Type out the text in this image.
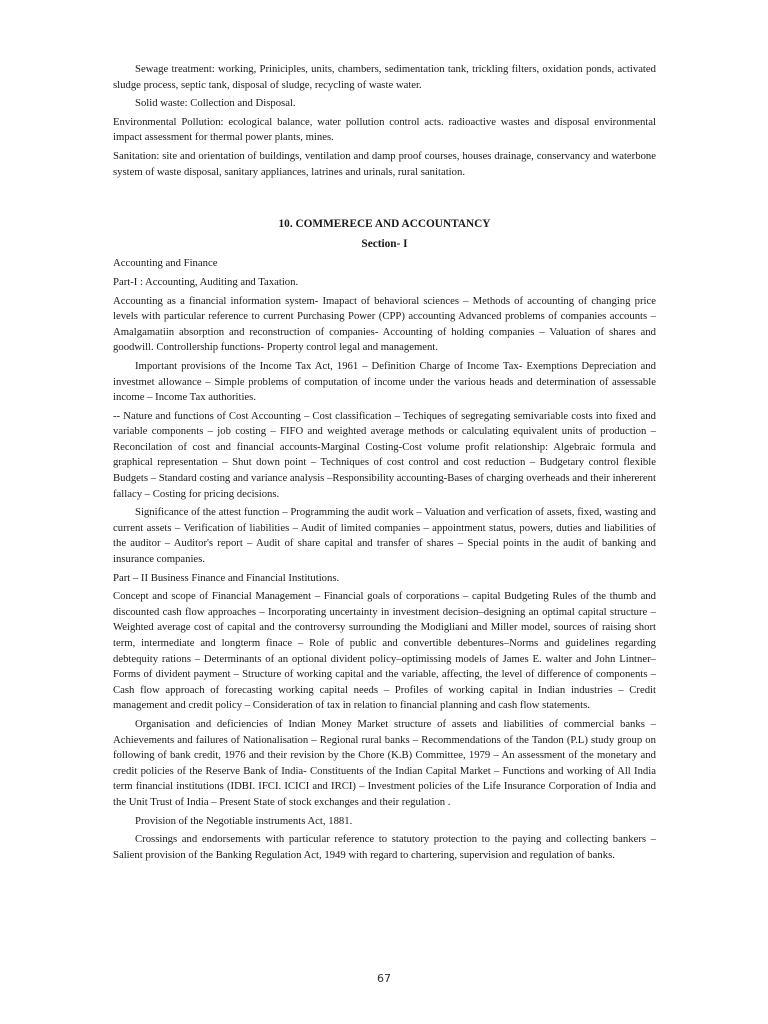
Sewage treatment: working, Priniciples, units, chambers, sedimentation tank, trickling filters, oxidation ponds, activated sludge process, septic tank, disposal of sludge, recycling of waste water.

Solid waste: Collection and Disposal.

Environmental Pollution: ecological balance, water pollution control acts. radioactive wastes and disposal environmental impact assessment for thermal power plants, mines.

Sanitation: site and orientation of buildings, ventilation and damp proof courses, houses drainage, conservancy and waterbone system of waste disposal, sanitary appliances, latrines and urinals, rural sanitation.

10. COMMERECE AND ACCOUNTANCY
Section- I

Accounting and Finance

Part-I : Accounting, Auditing and Taxation.

Accounting as a financial information system- Imapact of behavioral sciences – Methods of accounting of changing price levels with particular reference to current Purchasing Power (CPP) accounting Advanced problems of companies accounts – Amalgamatiin absorption and reconstruction of companies- Accounting of holding companies – Valuation of shares and goodwill. Controllership functions- Property control legal and management.

Important provisions of the Income Tax Act, 1961 – Definition Charge of Income Tax- Exemptions Depreciation and investmet allowance – Simple problems of computation of income under the various heads and determination of assessable income – Income Tax authorities.

-- Nature and functions of Cost Accounting – Cost classification – Techiques of segregating semivariable costs into fixed and variable components – job costing – FIFO and weighted average methods or calculating equivalent units of production – Reconcilation of cost and financial accounts-Marginal Costing-Cost volume profit relationship: Algebraic formula and graphical representation – Shut down point – Techniques of cost control and cost reduction – Budgetary control flexible Budgets – Standard costing and variance analysis –Responsibility accounting-Bases of charging overheads and their inhererent fallacy – Costing for pricing decisions.

Significance of the attest function – Programming the audit work – Valuation and verfication of assets, fixed, wasting and current assets – Verification of liabilities – Audit of limited companies – appointment status, powers, duties and liabilities of the auditor – Auditor's report – Audit of share capital and transfer of shares – Special points in the audit of banking and insurance companies.

Part – II Business Finance and Financial Institutions.

Concept and scope of Financial Management – Financial goals of corporations – capital Budgeting Rules of the thumb and discounted cash flow approaches – Incorporating uncertainty in investment decision–designing an optimal capital structure – Weighted average cost of capital and the controversy surrounding the Modigliani and Miller model, sources of raising short term, intermediate and longterm finace – Role of public and convertible debentures–Norms and guidelines regarding debtequity rations – Determinants of an optional divident policy–optimissing models of James E. walter and John Lintner– Forms of divident payment – Structure of working capital and the variable, affecting, the level of difference of components – Cash flow approach of forecasting working capital needs – Profiles of working capital in Indian industries – Credit management and credit policy – Consideration of tax in relation to financial planning and cash flow statements.

Organisation and deficiencies of Indian Money Market structure of assets and liabilities of commercial banks – Achievements and failures of Nationalisation – Regional rural banks – Recommendations of the Tandon (P.L) study group on following of bank credit, 1976 and their revision by the Chore (K.B) Committee, 1979 – An assessment of the monetary and credit policies of the Reserve Bank of India- Constituents of the Indian Capital Market – Functions and working of All India term financial institutions (IDBI. IFCI. ICICI and IRCI) – Investment policies of the Life Insurance Corporation of India and the Unit Trust of India – Present State of stock exchanges and their regulation .

Provision of the Negotiable instruments Act, 1881.

Crossings and endorsements with particular reference to statutory protection to the paying and collecting bankers – Salient provision of the Banking Regulation Act, 1949 with regard to chartering, supervision and regulation of banks.

67
